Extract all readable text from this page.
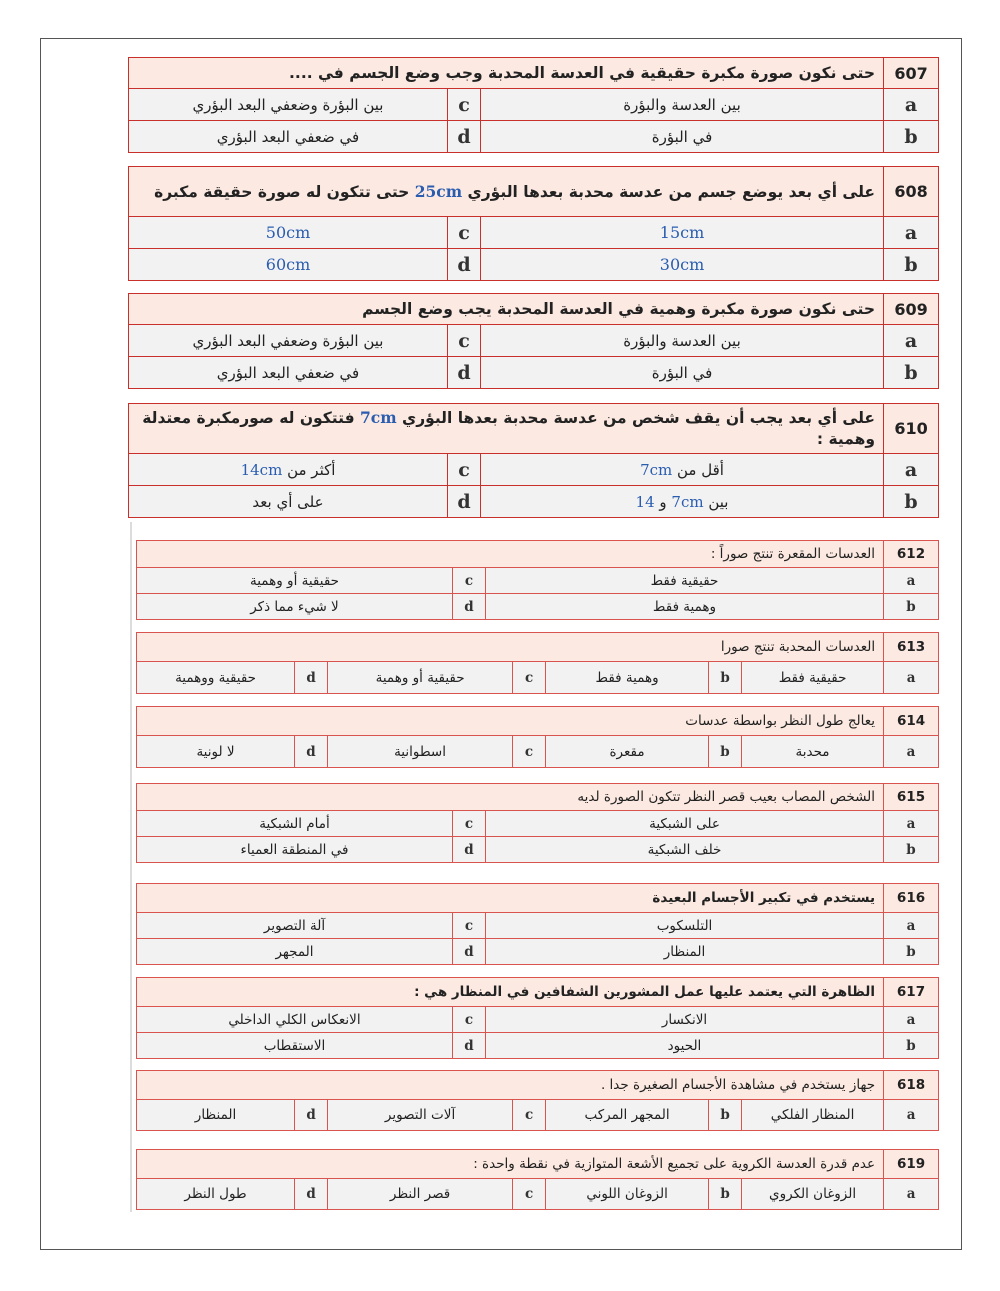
607	حتى نكون صورة مكبرة حقيقية في العدسة المحدبة وجب وضع الجسم في ....		
a	بين العدسة والبؤرة	c	بين البؤرة وضعفي البعد البؤري
b	في البؤرة	d	في ضعفي البعد البؤري
608	على أي بعد يوضع جسم من عدسة محدبة بعدها البؤري 25cm حتى تتكون له صورة حقيقة مكبرة		
a	15cm	c	50cm
b	30cm	d	60cm
609	حتى نكون صورة مكبرة وهمية في العدسة المحدبة يجب وضع الجسم		
a	بين العدسة والبؤرة	c	بين البؤرة وضعفي البعد البؤري
b	في البؤرة	d	في ضعفي البعد البؤري
610	على أي بعد يجب أن يقف شخص من عدسة محدبة بعدها البؤري 7cm فتتكون له صورمكبرة معتدلة وهمية :		
a	أقل من 7cm	c	أكثر من 14cm
b	بين 7cm و 14	d	على أي بعد
612	العدسات المقعرة تنتج صوراً :		
a	حقيقية فقط	c	حقيقية أو وهمية
b	وهمية فقط	d	لا شيء مما ذكر
613	العدسات المحدبة تنتج صورا						
a	حقيقية فقط	b	وهمية فقط	c	حقيقية أو وهمية	d	حقيقية ووهمية
614	يعالج طول النظر بواسطة عدسات						
a	محدبة	b	مقعرة	c	اسطوانية	d	لا لونية
615	الشخص المصاب بعيب قصر النظر تتكون الصورة لديه		
a	على الشبكية	c	أمام الشبكية
b	خلف الشبكية	d	في المنطقة العمياء
616	يستخدم في تكبير الأجسام البعيدة		
a	التلسكوب	c	آلة التصوير
b	المنظار	d	المجهر
617	الظاهرة التي يعتمد عليها عمل المشورين الشفافين في المنظار هي :		
a	الانكسار	c	الانعكاس الكلي الداخلي
b	الحيود	d	الاستقطاب
618	جهاز يستخدم في مشاهدة الأجسام الصغيرة جدا .						
a	المنظار الفلكي	b	المجهر المركب	c	آلات التصوير	d	المنظار
619	عدم قدرة العدسة الكروية على تجميع الأشعة المتوازية في نقطة واحدة :						
a	الزوغان الكروي	b	الزوغان اللوني	c	قصر النظر	d	طول النظر
